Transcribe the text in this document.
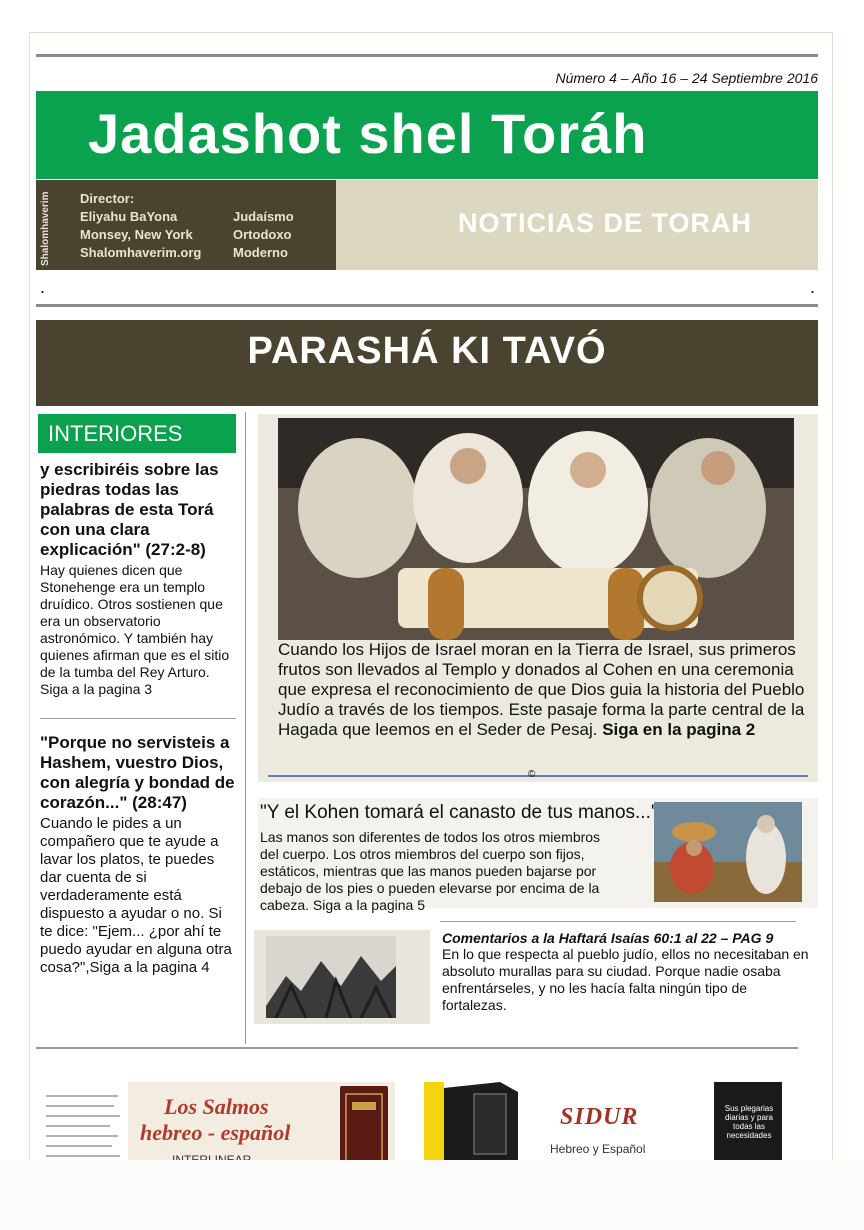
Número 4 – Año 16 – 24 Septiembre 2016
Jadashot shel Toráh
Shalomhaverim Director:
Eliyahu BaYona
Monsey, New York
Shalomhaverim.org
Judaísmo
Ortodoxo
Moderno
NOTICIAS DE TORAH
.	.
PARASHÁ KI TAVÓ
INTERIORES
y escribiréis sobre las piedras todas las palabras de esta Torá con una clara explicación" (27:2-8)
Hay quienes dicen que Stonehenge era un templo druídico. Otros sostienen que era un observatorio astronómico. Y también hay quienes afirman que es el sitio de la tumba del Rey Arturo. Siga a la pagina 3
"Porque no servisteis a Hashem, vuestro Dios, con alegría y bondad de corazón..." (28:47)
Cuando le pides a un compañero que te ayude a lavar los platos, te puedes dar cuenta de si verdaderamente está dispuesto a ayudar o no. Si te dice: "Ejem... ¿por ahí te puedo ayudar en alguna otra cosa?",Siga a la pagina 4
Cuando los Hijos de Israel moran en la Tierra de Israel, sus primeros frutos son llevados al Templo y donados al Cohen en una ceremonia que expresa el reconocimiento de que Dios guia la historia del Pueblo Judío a través de los tiempos. Este pasaje forma la parte central de la Hagada que leemos en el Seder de Pesaj. Siga en la pagina 2
©
"Y el Kohen tomará el canasto de tus manos...'

Las manos son diferentes de todos los otros miembros del cuerpo. Los otros miembros del cuerpo son fijos, estáticos, mientras que las manos pueden bajarse por debajo de los pies o pueden elevarse por encima de la cabeza. Siga a la pagina 5

Comentarios a la Haftará Isaías 60:1 al 22 – PAG 9
En lo que respecta al pueblo judío, ellos no necesitaban en absoluto murallas para su ciudad. Porque nadie osaba enfrentárseles, y no les hacía falta ningún tipo de fortalezas.
Los Salmos
hebreo - español
SIDUR
Hebreo y Español
Sus plegarias diarias y para todas las necesidades
